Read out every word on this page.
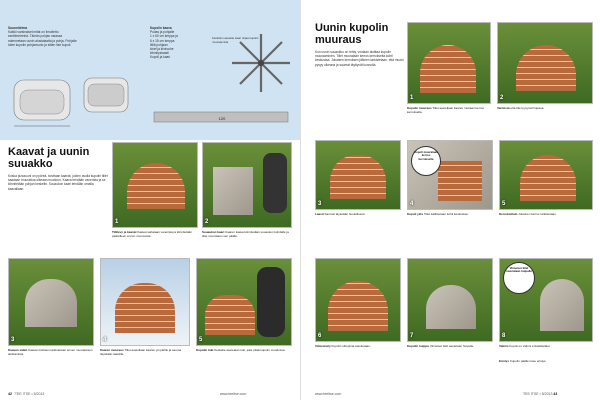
Suunnitelma
Kaikki varsinaiset mitat on ilmoitettu senttimetreinä. Tämän pohjan varassa rakennetaan uunin alustalaatta ja pohja. Pohjalle tulee kupolin pohjamuoto ja sitten itse kupoli.
Kupolin kaava
Pudas ja pohjalle
1 x 60 cm kerppa ja
6 x 15 cm kerppa
tiiliä pohjaan
kivet ja kivirouhe
kiinnityslaasti
Kupoli ja kaari
Keskiöön asetettu kaari ohjaa kupolin muuraamista
120
Kaavat ja uunin suuakko
Koska pizzauuni on pyöreä, tarvitaan kaavat, joiden avulla kupolin tiilet saadaan muurattua oikeaan muotoon. Kaava tehdään vanerista ja se kiinnitetään pohjan keskelle. Suuaukon kaari tehdään omalla kaavallaan.
1	2
Tiililevy ja kaavat Kaavat sahataan vanerista ja kiinnitetään paikoilleen ennen muurausta.
Suuaukon kaari Kaaren kaava kiinnitetään suuaukon kohdalle ja tiilet muurataan sen päälle.
3	4	5
Kaavan säätö Kaavan korkeus tarkistetaan ennen muurauksen aloittamista.
Kaaren muuraus Tiilet asetellaan kaaren ympärille ja sauma täytetään laastilla.
Kupolin tuki Keskelle asetetaan tuki, joka pitää kupolin muodossa.
42 TEE ITSE • 5/2013	www.teeitse.com
Uunin kupolin muuraus
Kun uunin suuaukko on tehty, voidaan aloittaa kupolin muuraaminen. Tiilet muurataan kerros kerrokselta kohti keskustaa. Jokaisen kerroksen jälkeen tarkistetaan, että muoto pysyy oikeana ja saumat täyttyvät kunnolla.
1	2
Kupolin muuraus Tiilet asetellaan kaaren mukaan kerros kerrokselta.
Varmista että tiilet pysyvät linjassa.
3	4
Kupoli muurataan kerros kerrokselta
5
Laasti Saumat täytetään huolellisesti.	Kupoli ylös Tiilet kallistetaan kohti keskustaa.	Kerroksittain Jokainen kerros tarkistetaan.
6	7	8
Viimeiset tiilet muurataan huipulle
Viimeistely Kupolin ulkopinta tasoitetaan.	Kupolin huippu Viimeiset tiilet asetetaan huipulle.	Valmis Kupoli on valmis eristettäväksi.
Eristys Kupolin päälle tulee eristys.
www.teeitse.com	TEE ITSE • 5/2013 43
